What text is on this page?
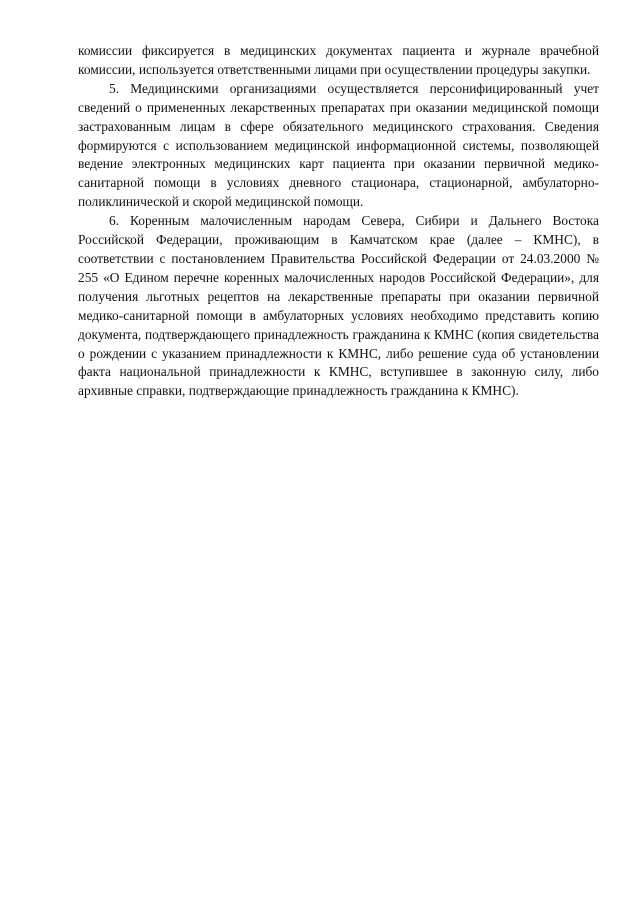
комиссии фиксируется в медицинских документах пациента и журнале врачебной комиссии, используется ответственными лицами при осуществлении процедуры закупки.

5. Медицинскими организациями осуществляется персонифицированный учет сведений о примененных лекарственных препаратах при оказании медицинской помощи застрахованным лицам в сфере обязательного медицинского страхования. Сведения формируются с использованием медицинской информационной системы, позволяющей ведение электронных медицинских карт пациента при оказании первичной медико-санитарной помощи в условиях дневного стационара, стационарной, амбулаторно-поликлинической и скорой медицинской помощи.

6. Коренным малочисленным народам Севера, Сибири и Дальнего Востока Российской Федерации, проживающим в Камчатском крае (далее – КМНС), в соответствии с постановлением Правительства Российской Федерации от 24.03.2000 № 255 «О Едином перечне коренных малочисленных народов Российской Федерации», для получения льготных рецептов на лекарственные препараты при оказании первичной медико-санитарной помощи в амбулаторных условиях необходимо представить копию документа, подтверждающего принадлежность гражданина к КМНС (копия свидетельства о рождении с указанием принадлежности к КМНС, либо решение суда об установлении факта национальной принадлежности к КМНС, вступившее в законную силу, либо архивные справки, подтверждающие принадлежность гражданина к КМНС).
